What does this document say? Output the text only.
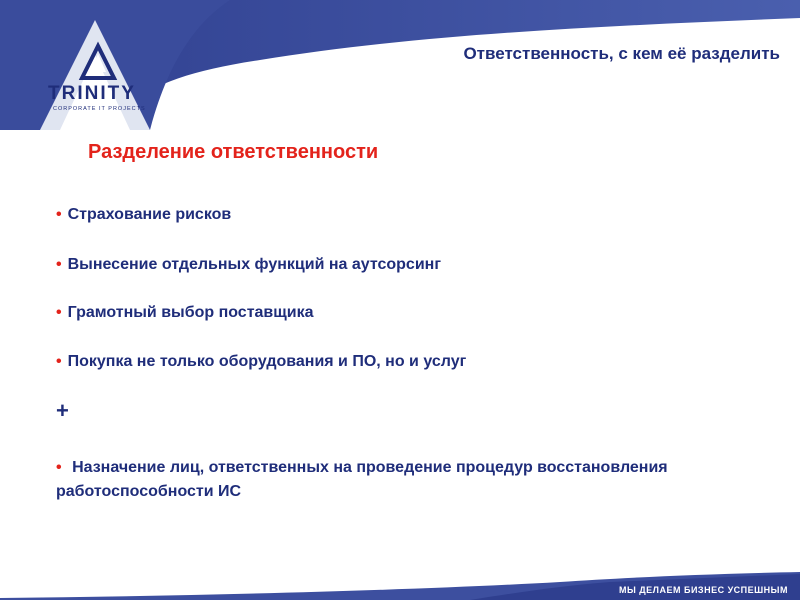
TRINITY
CORPORATE IT PROJECTS
Ответственность, с кем её разделить
Разделение ответственности
• Страхование рисков
• Вынесение отдельных функций на аутсорсинг
• Грамотный выбор поставщика
• Покупка не только оборудования и ПО, но и услуг
+
• Назначение лиц, ответственных на проведение процедур восстановления работоспособности ИС
МЫ ДЕЛАЕМ БИЗНЕС УСПЕШНЫМ
